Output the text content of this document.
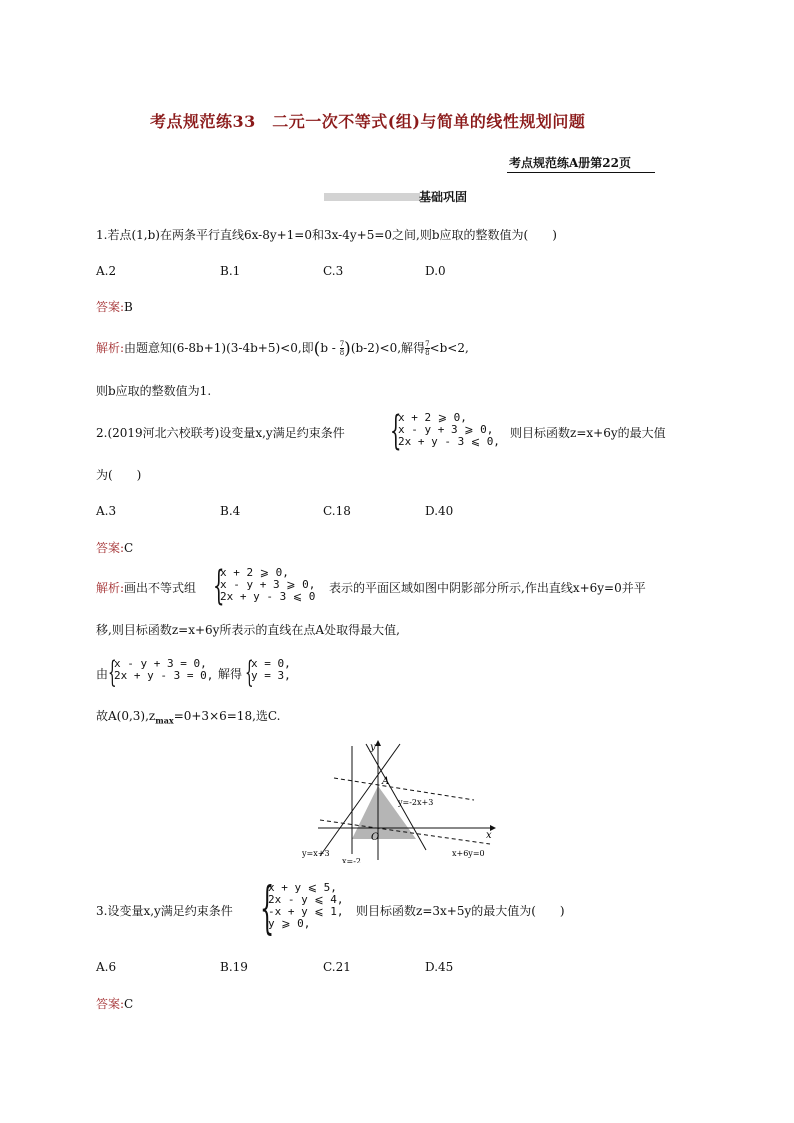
考点规范练33　二元一次不等式(组)与简单的线性规划问题
考点规范练A册第22页
基础巩固
1.若点(1,b)在两条平行直线6x-8y+1=0和3x-4y+5=0之间,则b应取的整数值为(　　)
A.2	B.1	C.3	D.0
答案:B
解析:由题意知(6-8b+1)(3-4b+5)<0,即$(b - \frac{7}{8} )(b-2)<0$,解得 $\frac{7}{8} <b<2$,
则b应取的整数值为1.
2.(2019河北六校联考)设变量x,y满足约束条件 {
x + 2 ⩾ 0,
x - y + 3 ⩾ 0,
2x + y - 3 ⩽ 0,
则目标函数z=x+6y的最大值
为(　　)
A.3	B.4	C.18	D.40
答案:C
解析:画出不等式组 {
x + 2 ⩾ 0,
x - y + 3 ⩾ 0,
2x + y - 3 ⩽ 0
表示的平面区域如图中阴影部分所示,作出直线x+6y=0并平
移,则目标函数z=x+6y所表示的直线在点A处取得最大值,
由 {
x - y + 3 = 0,
2x + y - 3 = 0, 解得 {
x = 0,
y = 3,
故$A(0,3),z_{max}=0+3\times 6=18$,选C.
y
x
O
A
y=-2x+3
y=x+3
x=-2
x+6y=0
3.设变量x,y满足约束条件 {
x + y ⩽ 5,
2x - y ⩽ 4,
-x + y ⩽ 1,
y ⩾ 0,
则目标函数z=3x+5y的最大值为(　　)
A.6	B.19	C.21	D.45
答案:C
